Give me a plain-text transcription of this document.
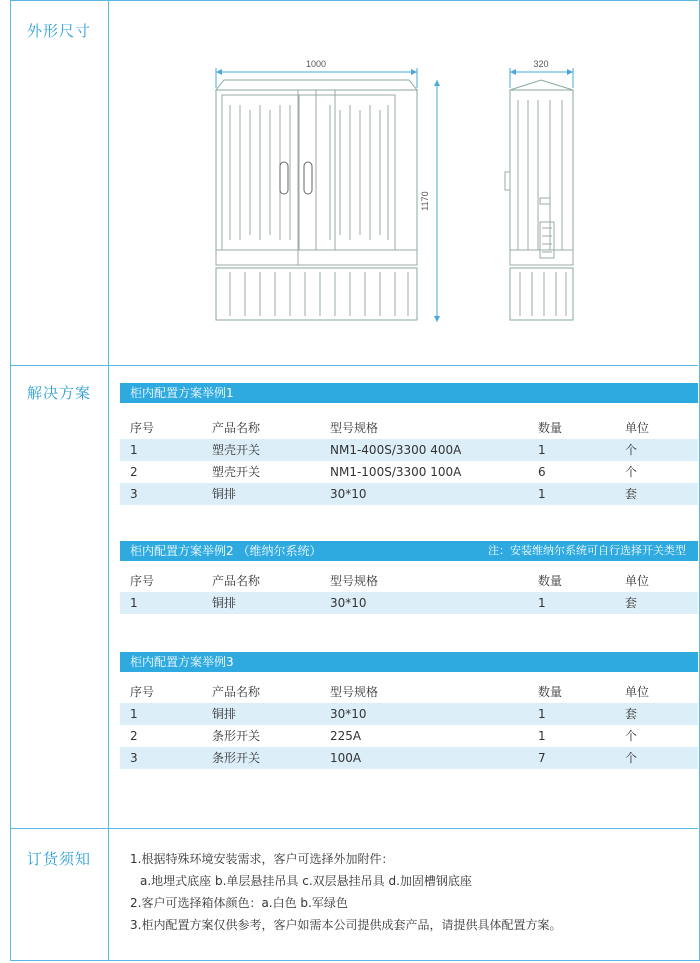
外形尺寸
解决方案
订货须知
1000	320
1170
柜内配置方案举例1
序号	产品名称	型号规格	数量	单位
1	塑壳开关	NM1-400S/3300 400A	1	个
2	塑壳开关	NM1-100S/3300 100A	6	个
3	铜排	30*10	1	套
柜内配置方案举例2 （维纳尔系统）	注：安装维纳尔系统可自行选择开关类型
序号	产品名称	型号规格	数量	单位
1	铜排	30*10	1	套
柜内配置方案举例3
序号	产品名称	型号规格	数量	单位
1	铜排	30*10	1	套
2	条形开关	225A	1	个
3	条形开关	100A	7	个
1.根据特殊环境安装需求，客户可选择外加附件：
a.地埋式底座 b.单层悬挂吊具 c.双层悬挂吊具 d.加固槽钢底座
2.客户可选择箱体颜色：a.白色 b.军绿色
3.柜内配置方案仅供参考，客户如需本公司提供成套产品，请提供具体配置方案。
